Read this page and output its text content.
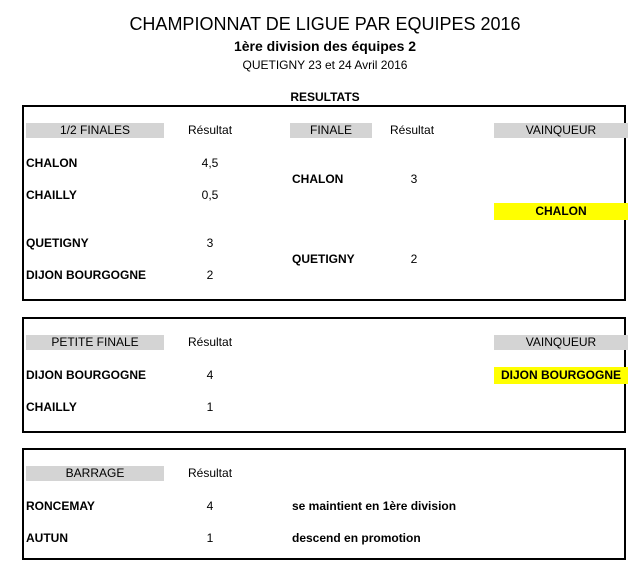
CHAMPIONNAT DE LIGUE PAR EQUIPES 2016
1ère division des équipes 2
QUETIGNY 23 et 24 Avril 2016
RESULTATS
1/2 FINALES	Résultat	FINALE	Résultat	VAINQUEUR
CHALON	4,5
CHAILLY	0,5
QUETIGNY	3
DIJON BOURGOGNE	2
CHALON	3
QUETIGNY	2
CHALON
PETITE FINALE	Résultat	VAINQUEUR
DIJON BOURGOGNE	4
CHAILLY	1
DIJON BOURGOGNE
BARRAGE	Résultat
RONCEMAY	4	se maintient en 1ère division
AUTUN	1	descend en promotion
